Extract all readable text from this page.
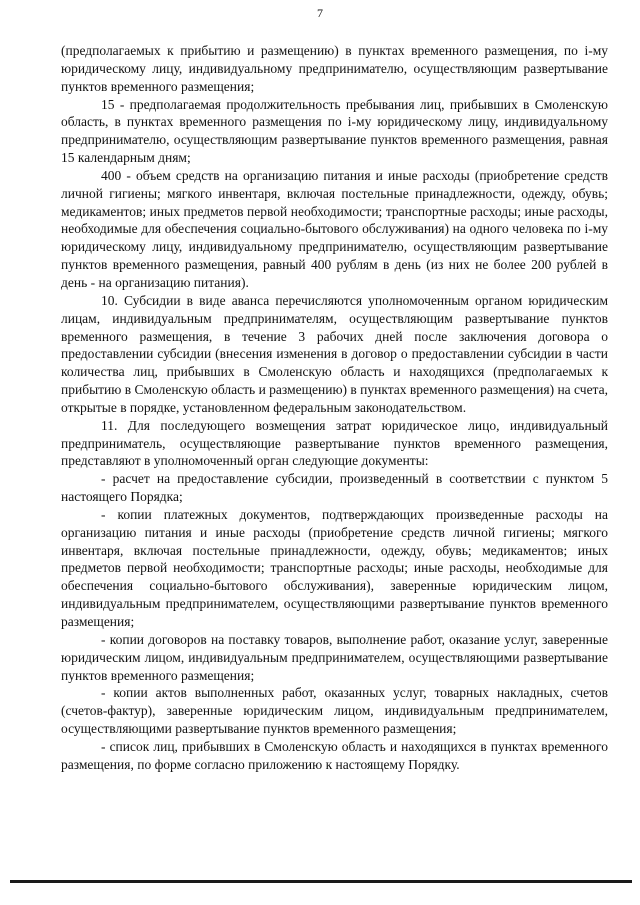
7

(предполагаемых к прибытию и размещению) в пунктах временного размещения, по i-му юридическому лицу, индивидуальному предпринимателю, осуществляющим развертывание пунктов временного размещения;

15 - предполагаемая продолжительность пребывания лиц, прибывших в Смоленскую область, в пунктах временного размещения по i-му юридическому лицу, индивидуальному предпринимателю, осуществляющим развертывание пунктов временного размещения, равная 15 календарным дням;

400 - объем средств на организацию питания и иные расходы (приобретение средств личной гигиены; мягкого инвентаря, включая постельные принадлежности, одежду, обувь; медикаментов; иных предметов первой необходимости; транспортные расходы; иные расходы, необходимые для обеспечения социально-бытового обслуживания) на одного человека по i-му юридическому лицу, индивидуальному предпринимателю, осуществляющим развертывание пунктов временного размещения, равный 400 рублям в день (из них не более 200 рублей в день - на организацию питания).

10. Субсидии в виде аванса перечисляются уполномоченным органом юридическим лицам, индивидуальным предпринимателям, осуществляющим развертывание пунктов временного размещения, в течение 3 рабочих дней после заключения договора о предоставлении субсидии (внесения изменения в договор о предоставлении субсидии в части количества лиц, прибывших в Смоленскую область и находящихся (предполагаемых к прибытию в Смоленскую область и размещению) в пунктах временного размещения) на счета, открытые в порядке, установленном федеральным законодательством.

11. Для последующего возмещения затрат юридическое лицо, индивидуальный предприниматель, осуществляющие развертывание пунктов временного размещения, представляют в уполномоченный орган следующие документы:

- расчет на предоставление субсидии, произведенный в соответствии с пунктом 5 настоящего Порядка;

- копии платежных документов, подтверждающих произведенные расходы на организацию питания и иные расходы (приобретение средств личной гигиены; мягкого инвентаря, включая постельные принадлежности, одежду, обувь; медикаментов; иных предметов первой необходимости; транспортные расходы; иные расходы, необходимые для обеспечения социально-бытового обслуживания), заверенные юридическим лицом, индивидуальным предпринимателем, осуществляющими развертывание пунктов временного размещения;

- копии договоров на поставку товаров, выполнение работ, оказание услуг, заверенные юридическим лицом, индивидуальным предпринимателем, осуществляющими развертывание пунктов временного размещения;

- копии актов выполненных работ, оказанных услуг, товарных накладных, счетов (счетов-фактур), заверенные юридическим лицом, индивидуальным предпринимателем, осуществляющими развертывание пунктов временного размещения;

- список лиц, прибывших в Смоленскую область и находящихся в пунктах временного размещения, по форме согласно приложению к настоящему Порядку.
